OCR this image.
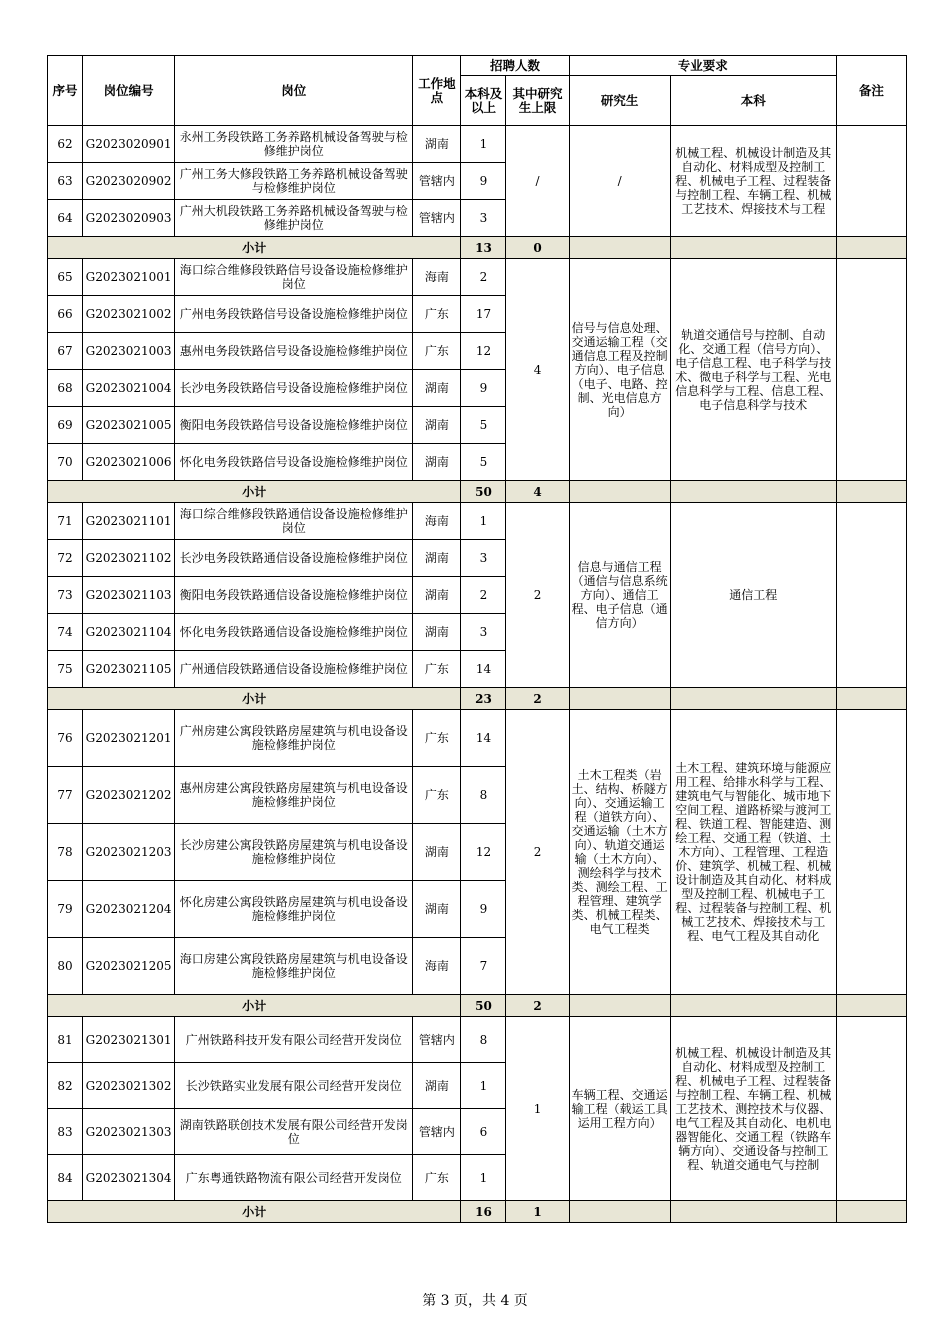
序号	岗位编号	岗位	工作地点	招聘人数		专业要求		备注
				本科及以上	其中研究生上限	研究生	本科	
62	G2023020901	永州工务段铁路工务养路机械设备驾驶与检修维护岗位	湖南	1	/	/	机械工程、机械设计制造及其自动化、材料成型及控制工程、机械电子工程、过程装备与控制工程、车辆工程、机械工艺技术、焊接技术与工程	
63	G2023020902	广州工务大修段铁路工务养路机械设备驾驶与检修维护岗位	管辖内	9				
64	G2023020903	广州大机段铁路工务养路机械设备驾驶与检修维护岗位	管辖内	3				
小计				13	0			
65	G2023021001	海口综合维修段铁路信号设备设施检修维护岗位	海南	2	4	信号与信息处理、交通运输工程（交通信息工程及控制方向）、电子信息（电子、电路、控制、光电信息方向）	轨道交通信号与控制、自动化、交通工程（信号方向）、电子信息工程、电子科学与技术、微电子科学与工程、光电信息科学与工程、信息工程、电子信息科学与技术	
66	G2023021002	广州电务段铁路信号设备设施检修维护岗位	广东	17				
67	G2023021003	惠州电务段铁路信号设备设施检修维护岗位	广东	12				
68	G2023021004	长沙电务段铁路信号设备设施检修维护岗位	湖南	9				
69	G2023021005	衡阳电务段铁路信号设备设施检修维护岗位	湖南	5				
70	G2023021006	怀化电务段铁路信号设备设施检修维护岗位	湖南	5				
小计				50	4			
71	G2023021101	海口综合维修段铁路通信设备设施检修维护岗位	海南	1	2	信息与通信工程（通信与信息系统方向）、通信工程、电子信息（通信方向）	通信工程	
72	G2023021102	长沙电务段铁路通信设备设施检修维护岗位	湖南	3				
73	G2023021103	衡阳电务段铁路通信设备设施检修维护岗位	湖南	2				
74	G2023021104	怀化电务段铁路通信设备设施检修维护岗位	湖南	3				
75	G2023021105	广州通信段铁路通信设备设施检修维护岗位	广东	14				
小计				23	2			
76	G2023021201	广州房建公寓段铁路房屋建筑与机电设备设施检修维护岗位	广东	14	2	土木工程类（岩土、结构、桥隧方向）、交通运输工程（道铁方向）、交通运输（土木方向）、轨道交通运输（土木方向）、测绘科学与技术类、测绘工程、工程管理、建筑学类、机械工程类、电气工程类	土木工程、建筑环境与能源应用工程、给排水科学与工程、建筑电气与智能化、城市地下空间工程、道路桥梁与渡河工程、铁道工程、智能建造、测绘工程、交通工程（铁道、土木方向）、工程管理、工程造价、建筑学、机械工程、机械设计制造及其自动化、材料成型及控制工程、机械电子工程、过程装备与控制工程、机械工艺技术、焊接技术与工程、电气工程及其自动化	
77	G2023021202	惠州房建公寓段铁路房屋建筑与机电设备设施检修维护岗位	广东	8				
78	G2023021203	长沙房建公寓段铁路房屋建筑与机电设备设施检修维护岗位	湖南	12				
79	G2023021204	怀化房建公寓段铁路房屋建筑与机电设备设施检修维护岗位	湖南	9				
80	G2023021205	海口房建公寓段铁路房屋建筑与机电设备设施检修维护岗位	海南	7				
小计				50	2			
81	G2023021301	广州铁路科技开发有限公司经营开发岗位	管辖内	8	1	车辆工程、交通运输工程（载运工具运用工程方向）	机械工程、机械设计制造及其自动化、材料成型及控制工程、机械电子工程、过程装备与控制工程、车辆工程、机械工艺技术、测控技术与仪器、电气工程及其自动化、电机电器智能化、交通工程（铁路车辆方向）、交通设备与控制工程、轨道交通电气与控制	
82	G2023021302	长沙铁路实业发展有限公司经营开发岗位	湖南	1				
83	G2023021303	湖南铁路联创技术发展有限公司经营开发岗位	管辖内	6				
84	G2023021304	广东粤通铁路物流有限公司经营开发岗位	广东	1				
小计				16	1			
第 3 页，共 4 页
